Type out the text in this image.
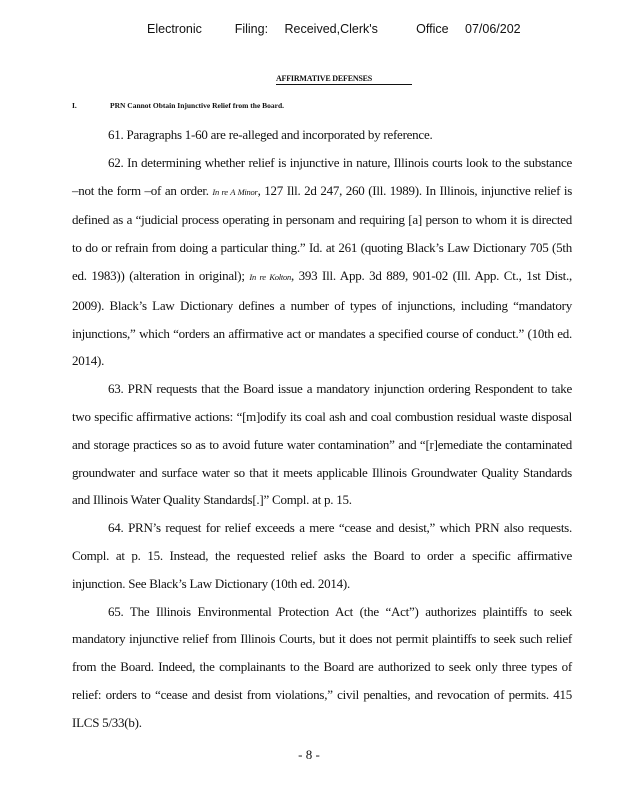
Electronic      Filing:   Received,Clerk's       Office   07/06/202
AFFIRMATIVE DEFENSES
I.	PRN Cannot Obtain Injunctive Relief from the Board.

61. Paragraphs 1-60 are re-alleged and incorporated by reference.

62. In determining whether relief is injunctive in nature, Illinois courts look to the substance –not the form –of an order. In re A Minor, 127 Ill. 2d 247, 260 (Ill. 1989). In Illinois, injunctive relief is defined as a “judicial process operating in personam and requiring [a] person to whom it is directed to do or refrain from doing a particular thing.” Id. at 261 (quoting Black’s Law Dictionary 705 (5th ed. 1983)) (alteration in original); In re Kolton, 393 Ill. App. 3d 889, 901-02 (Ill. App. Ct., 1st Dist., 2009). Black’s Law Dictionary defines a number of types of injunctions, including “mandatory injunctions,” which “orders an affirmative act or mandates a specified course of conduct.” (10th ed. 2014).

63. PRN requests that the Board issue a mandatory injunction ordering Respondent to take two specific affirmative actions: “[m]odify its coal ash and coal combustion residual waste disposal and storage practices so as to avoid future water contamination” and “[r]emediate the contaminated groundwater and surface water so that it meets applicable Illinois Groundwater Quality Standards and Illinois Water Quality Standards[.]” Compl. at p. 15.

64. PRN’s request for relief exceeds a mere “cease and desist,” which PRN also requests. Compl. at p. 15. Instead, the requested relief asks the Board to order a specific affirmative injunction. See Black’s Law Dictionary (10th ed. 2014).

65. The Illinois Environmental Protection Act (the “Act”) authorizes plaintiffs to seek mandatory injunctive relief from Illinois Courts, but it does not permit plaintiffs to seek such relief from the Board. Indeed, the complainants to the Board are authorized to seek only three types of relief: orders to “cease and desist from violations,” civil penalties, and revocation of permits. 415 ILCS 5/33(b).

- 8 -
